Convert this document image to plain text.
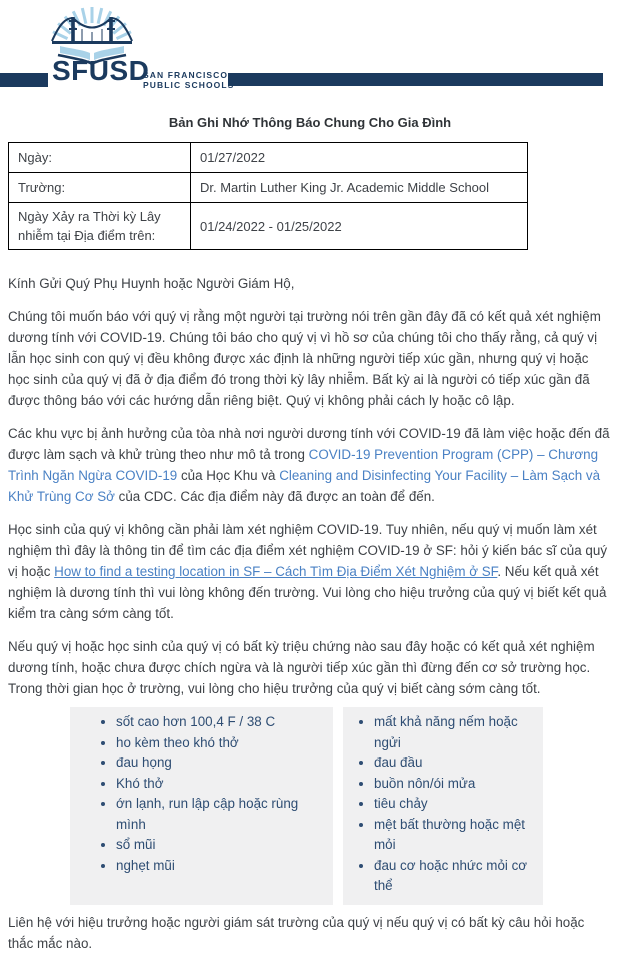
SFUSD
SAN FRANCISCO
PUBLIC SCHOOLS
Bản Ghi Nhớ Thông Báo Chung Cho Gia Đình
Ngày:	01/27/2022
Trường:	Dr. Martin Luther King Jr. Academic Middle School
Ngày Xảy ra Thời kỳ Lây nhiễm tại Địa điểm trên:	01/24/2022 - 01/25/2022
Kính Gửi Quý Phụ Huynh hoặc Người Giám Hộ,

Chúng tôi muốn báo với quý vị rằng một người tại trường nói trên gần đây đã có kết quả xét nghiệm dương tính với COVID-19. Chúng tôi báo cho quý vị vì hồ sơ của chúng tôi cho thấy rằng, cả quý vị lẫn học sinh con quý vị đều không được xác định là những người tiếp xúc gần, nhưng quý vị hoặc học sinh của quý vị đã ở địa điểm đó trong thời kỳ lây nhiễm. Bất kỳ ai là người có tiếp xúc gần đã được thông báo với các hướng dẫn riêng biệt. Quý vị không phải cách ly hoặc cô lập.

Các khu vực bị ảnh hưởng của tòa nhà nơi người dương tính với COVID-19 đã làm việc hoặc đến đã được làm sạch và khử trùng theo như mô tả trong COVID-19 Prevention Program (CPP) – Chương Trình Ngăn Ngừa COVID-19 của Học Khu và Cleaning and Disinfecting Your Facility – Làm Sạch và Khử Trùng Cơ Sở của CDC. Các địa điểm này đã được an toàn để đến.

Học sinh của quý vị không cần phải làm xét nghiệm COVID-19. Tuy nhiên, nếu quý vị muốn làm xét nghiệm thì đây là thông tin để tìm các địa điểm xét nghiệm COVID-19 ở SF: hỏi ý kiến bác sĩ của quý vị hoặc How to find a testing location in SF – Cách Tìm Địa Điểm Xét Nghiệm ở SF. Nếu kết quả xét nghiệm là dương tính thì vui lòng không đến trường. Vui lòng cho hiệu trưởng của quý vị biết kết quả kiểm tra càng sớm càng tốt.

Nếu quý vị hoặc học sinh của quý vị có bất kỳ triệu chứng nào sau đây hoặc có kết quả xét nghiệm dương tính, hoặc chưa được chích ngừa và là người tiếp xúc gần thì đừng đến cơ sở trường học. Trong thời gian học ở trường, vui lòng cho hiệu trưởng của quý vị biết càng sớm càng tốt.

• sốt cao hơn 100,4 F / 38 C
• ho kèm theo khó thở
• đau họng
• Khó thở
• ớn lạnh, run lập cập hoặc rùng mình
• sổ mũi
• nghẹt mũi
• mất khả năng nếm hoặc ngửi
• đau đầu
• buồn nôn/ói mửa
• tiêu chảy
• mệt bất thường hoặc mệt mỏi
• đau cơ hoặc nhức mỏi cơ thể
Liên hệ với hiệu trưởng hoặc người giám sát trường của quý vị nếu quý vị có bất kỳ câu hỏi hoặc thắc mắc nào.
